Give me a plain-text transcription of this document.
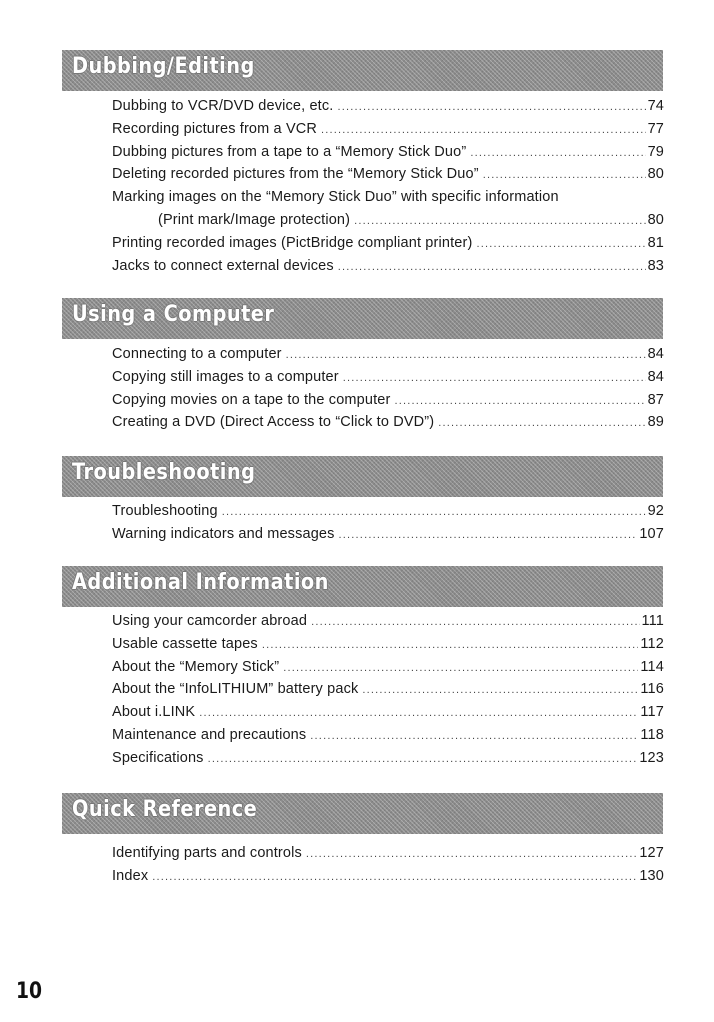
Dubbing/Editing
Dubbing to VCR/DVD device, etc. .....	74
Recording pictures from a VCR .....	77
Dubbing pictures from a tape to a “Memory Stick Duo” .....	79
Deleting recorded pictures from the “Memory Stick Duo” .....	80
Marking images on the “Memory Stick Duo” with specific information
(Print mark/Image protection) .....	80
Printing recorded images (PictBridge compliant printer) .....	81
Jacks to connect external devices .....	83
Using a Computer
Connecting to a computer .....	84
Copying still images to a computer .....	84
Copying movies on a tape to the computer .....	87
Creating a DVD (Direct Access to “Click to DVD”) .....	89
Troubleshooting
Troubleshooting .....	92
Warning indicators and messages .....	107
Additional Information
Using your camcorder abroad .....	111
Usable cassette tapes .....	112
About the “Memory Stick” .....	114
About the “InfoLITHIUM” battery pack .....	116
About i.LINK .....	117
Maintenance and precautions .....	118
Specifications .....	123
Quick Reference
Identifying parts and controls .....	127
Index .....	130
10
